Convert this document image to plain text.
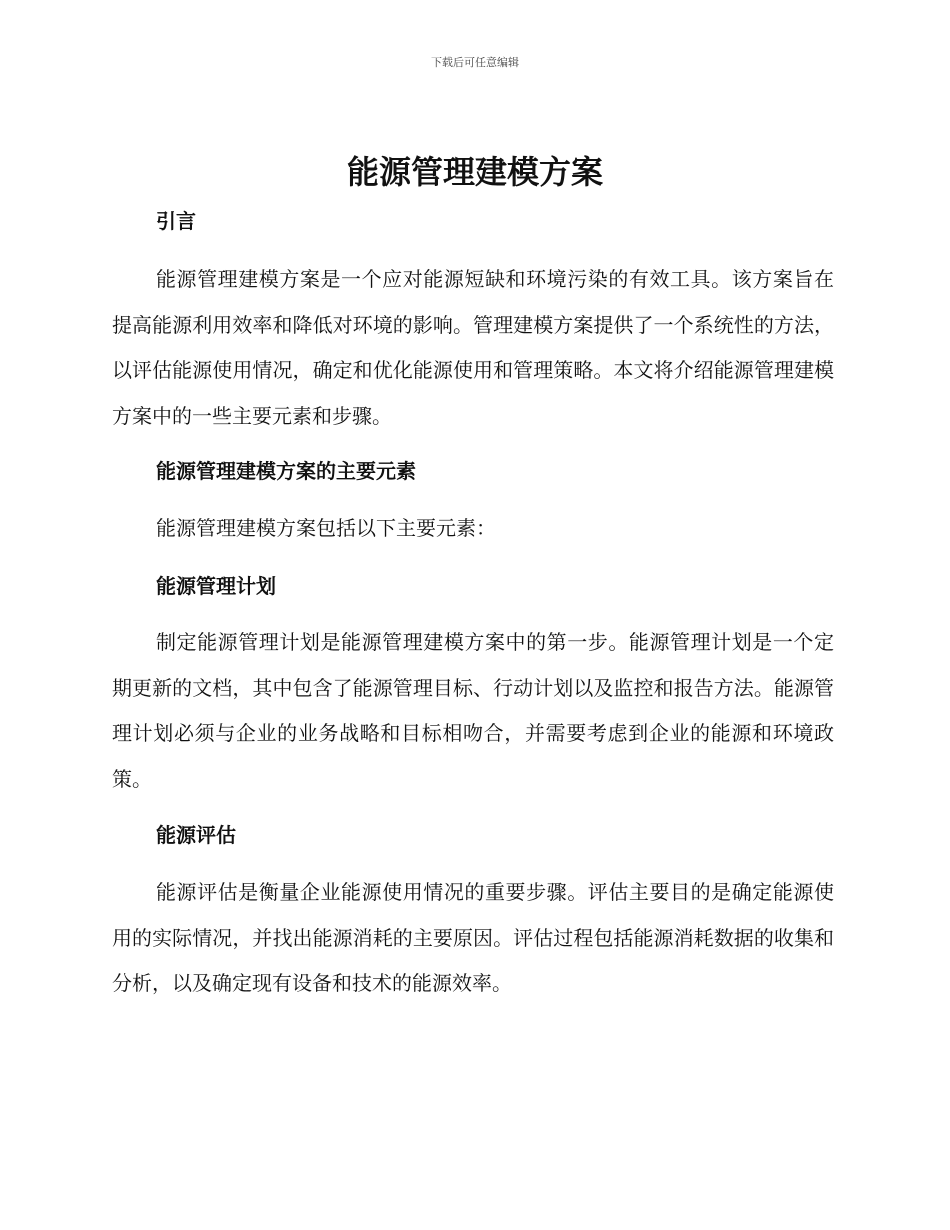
下载后可任意编辑
能源管理建模方案
引言

能源管理建模方案是一个应对能源短缺和环境污染的有效工具。该方案旨在提高能源利用效率和降低对环境的影响。管理建模方案提供了一个系统性的方法，以评估能源使用情况，确定和优化能源使用和管理策略。本文将介绍能源管理建模方案中的一些主要元素和步骤。

能源管理建模方案的主要元素

能源管理建模方案包括以下主要元素：

能源管理计划

制定能源管理计划是能源管理建模方案中的第一步。能源管理计划是一个定期更新的文档，其中包含了能源管理目标、行动计划以及监控和报告方法。能源管理计划必须与企业的业务战略和目标相吻合，并需要考虑到企业的能源和环境政策。

能源评估

能源评估是衡量企业能源使用情况的重要步骤。评估主要目的是确定能源使用的实际情况，并找出能源消耗的主要原因。评估过程包括能源消耗数据的收集和分析，以及确定现有设备和技术的能源效率。
